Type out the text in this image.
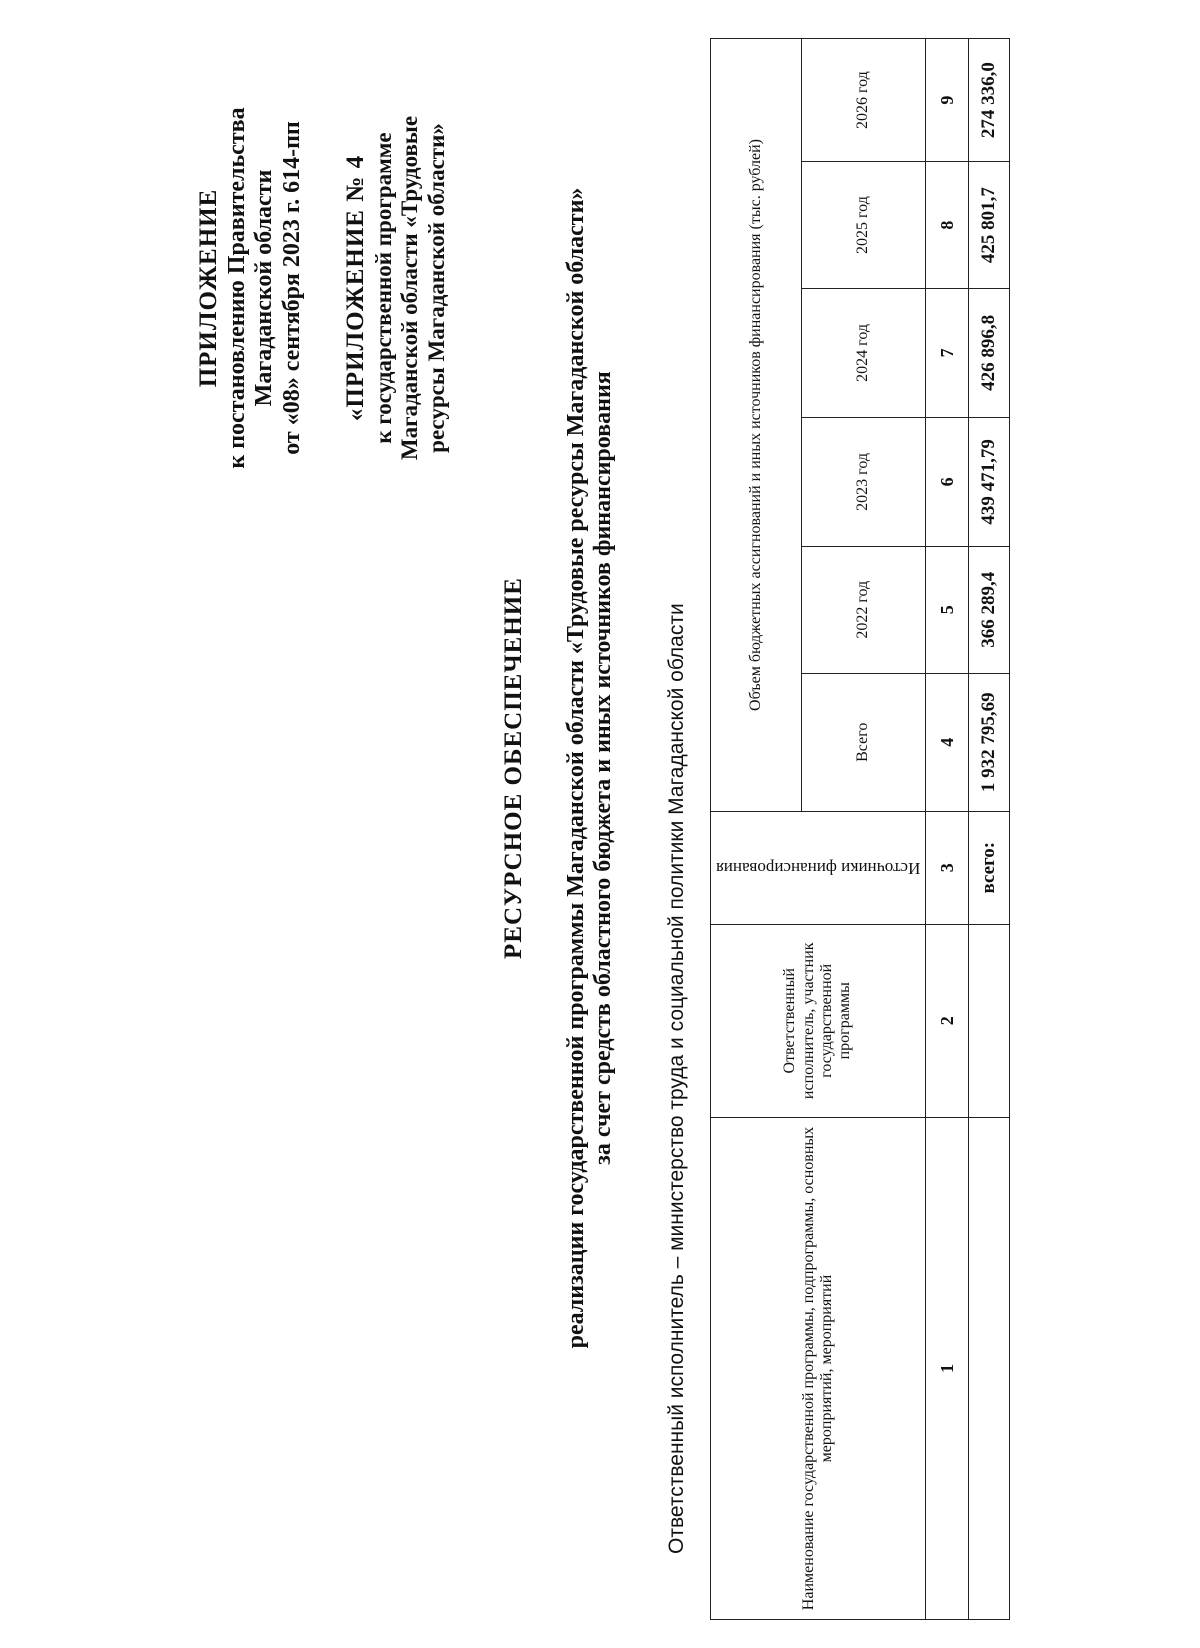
ПРИЛОЖЕНИЕ к постановлению Правительства Магаданской области от «08» сентября 2023 г. 614-пп «ПРИЛОЖЕНИЕ № 4 к государственной программе Магаданской области «Трудовые ресурсы Магаданской области»
РЕСУРСНОЕ ОБЕСПЕЧЕНИЕ реализации государственной программы Магаданской области «Трудовые ресурсы Магаданской области» за счет средств областного бюджета и иных источников финансирования Ответственный исполнитель – министерство труда и социальной политики Магаданской области	Наименование государственной программы, подпрограммы, основных мероприятий, мероприятий	Ответственный исполнитель, участник государственной программы	Источники финансирования	Объем бюджетных ассигнований и иных источников финансирования (тыс. рублей)					
			Всего	2022 год	2023 год	2024 год	2025 год	2026 год
1	2	3	4	5	6	7	8	9
		всего:	1 932 795,69	366 289,4	439 471,79	426 896,8	425 801,7	274 336,0
